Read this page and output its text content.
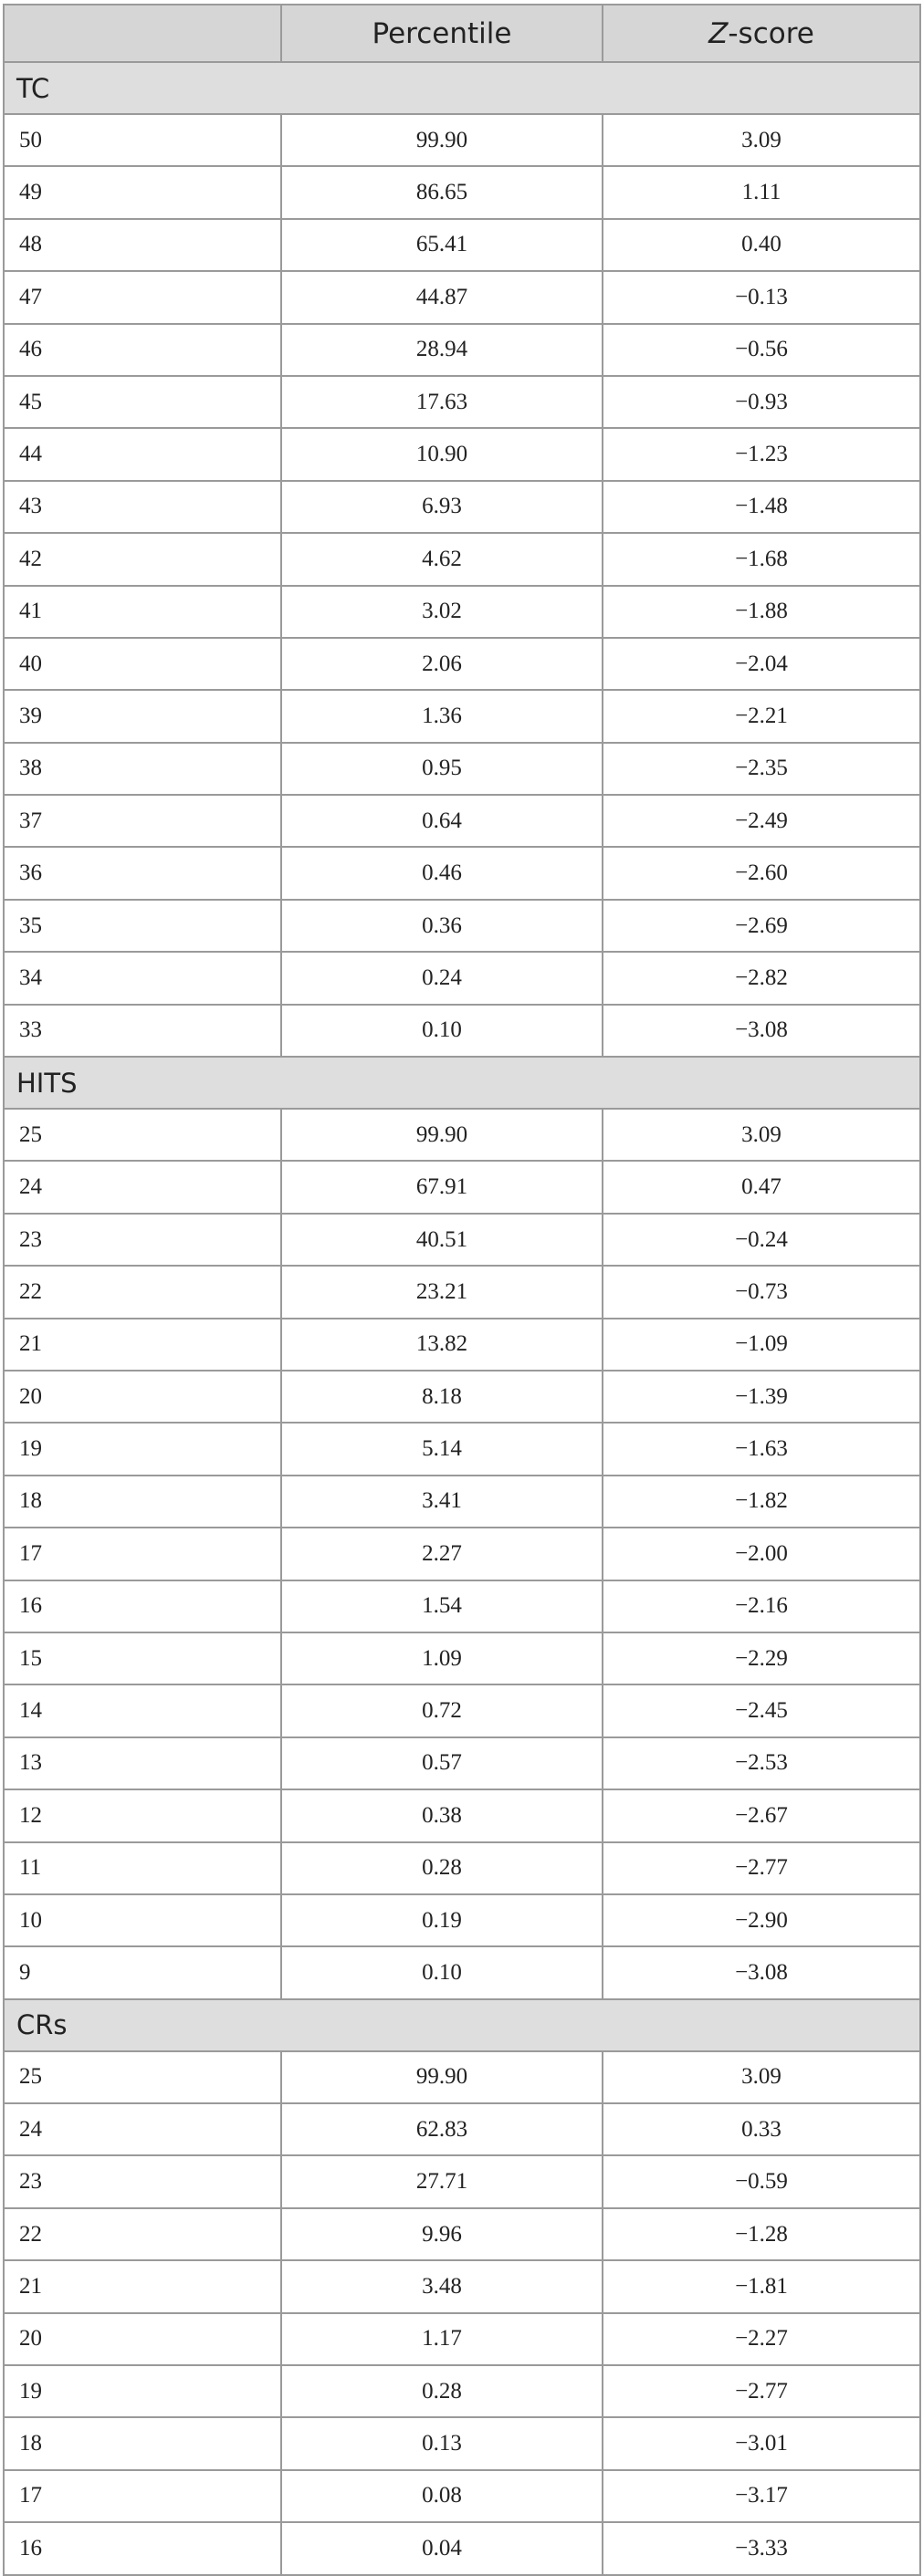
	Percentile	Z-score
TC		
50	99.90	3.09
49	86.65	1.11
48	65.41	0.40
47	44.87	−0.13
46	28.94	−0.56
45	17.63	−0.93
44	10.90	−1.23
43	6.93	−1.48
42	4.62	−1.68
41	3.02	−1.88
40	2.06	−2.04
39	1.36	−2.21
38	0.95	−2.35
37	0.64	−2.49
36	0.46	−2.60
35	0.36	−2.69
34	0.24	−2.82
33	0.10	−3.08
HITS		
25	99.90	3.09
24	67.91	0.47
23	40.51	−0.24
22	23.21	−0.73
21	13.82	−1.09
20	8.18	−1.39
19	5.14	−1.63
18	3.41	−1.82
17	2.27	−2.00
16	1.54	−2.16
15	1.09	−2.29
14	0.72	−2.45
13	0.57	−2.53
12	0.38	−2.67
11	0.28	−2.77
10	0.19	−2.90
9	0.10	−3.08
CRs		
25	99.90	3.09
24	62.83	0.33
23	27.71	−0.59
22	9.96	−1.28
21	3.48	−1.81
20	1.17	−2.27
19	0.28	−2.77
18	0.13	−3.01
17	0.08	−3.17
16	0.04	−3.33
